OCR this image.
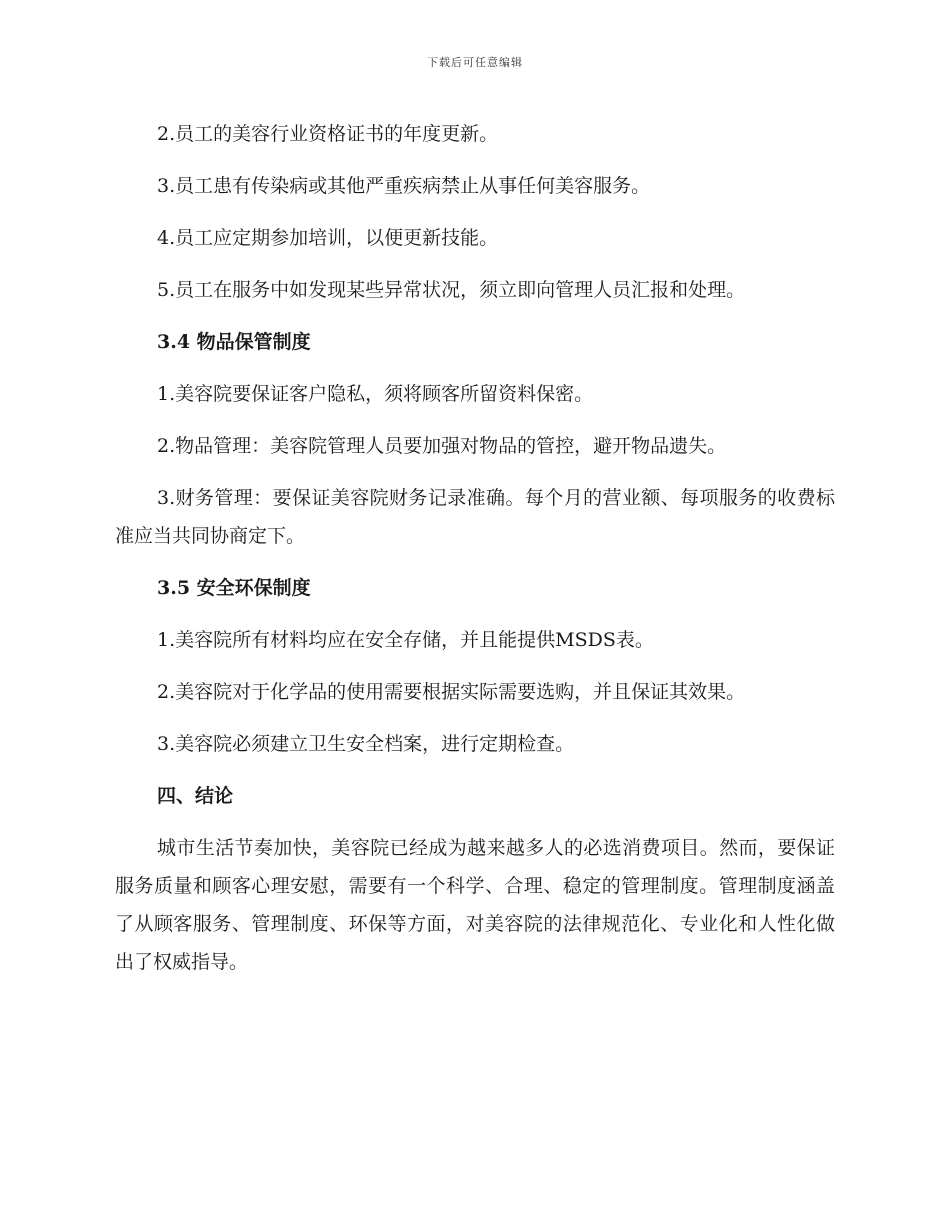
下载后可任意编辑

2.员工的美容行业资格证书的年度更新。

3.员工患有传染病或其他严重疾病禁止从事任何美容服务。

4.员工应定期参加培训，以便更新技能。

5.员工在服务中如发现某些异常状况，须立即向管理人员汇报和处理。

3.4 物品保管制度

1.美容院要保证客户隐私，须将顾客所留资料保密。

2.物品管理：美容院管理人员要加强对物品的管控，避开物品遗失。

3.财务管理：要保证美容院财务记录准确。每个月的营业额、每项服务的收费标准应当共同协商定下。

3.5 安全环保制度

1.美容院所有材料均应在安全存储，并且能提供MSDS表。

2.美容院对于化学品的使用需要根据实际需要选购，并且保证其效果。

3.美容院必须建立卫生安全档案，进行定期检查。

四、结论

城市生活节奏加快，美容院已经成为越来越多人的必选消费项目。然而，要保证服务质量和顾客心理安慰，需要有一个科学、合理、稳定的管理制度。管理制度涵盖了从顾客服务、管理制度、环保等方面，对美容院的法律规范化、专业化和人性化做出了权威指导。
